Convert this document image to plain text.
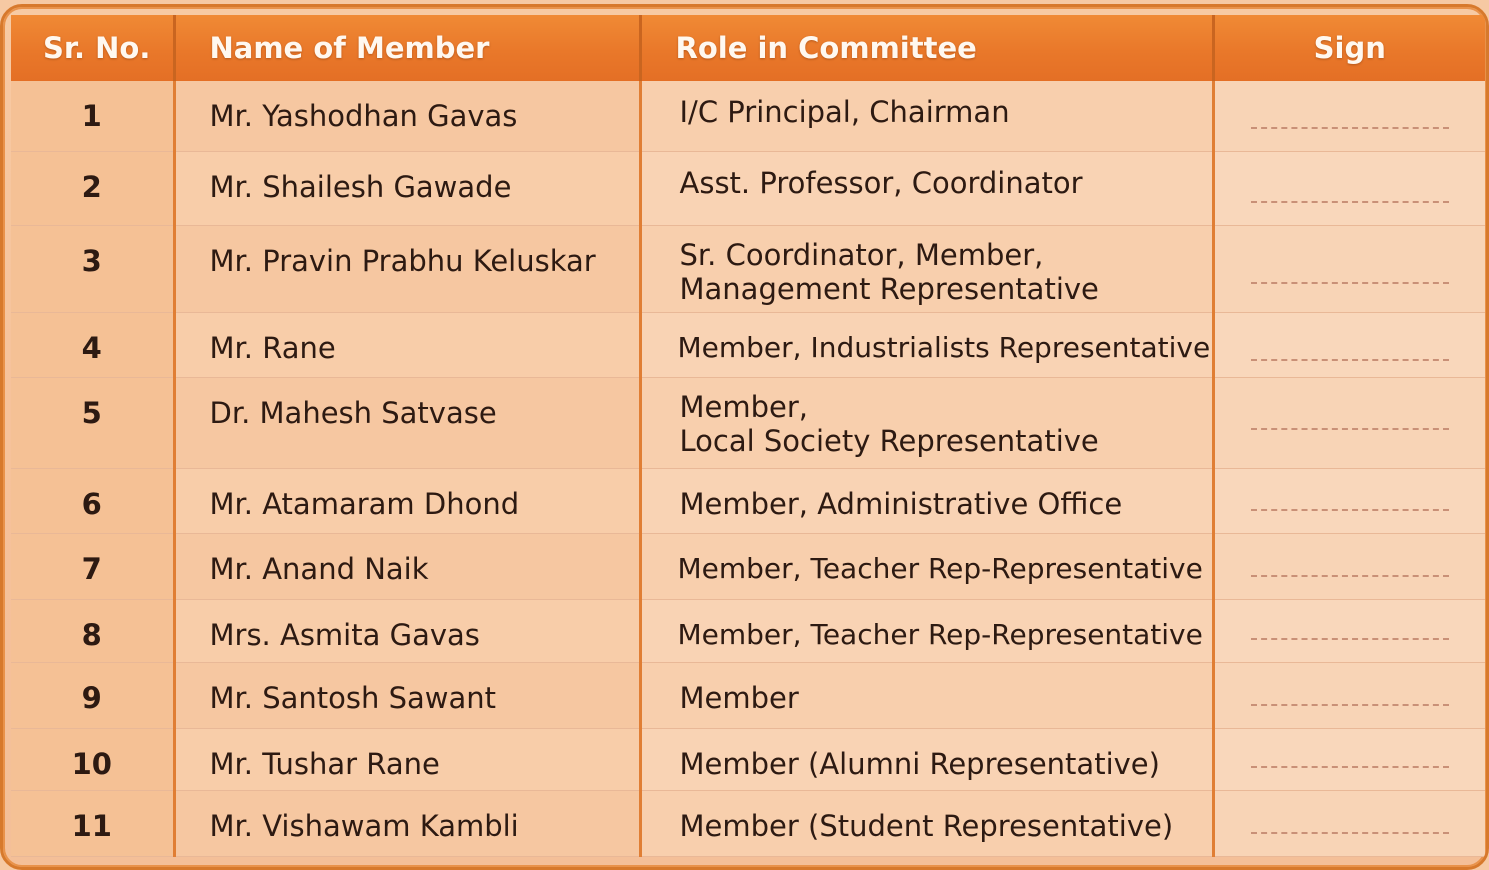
Sr. No.	Name of Member	Role in Committee	Sign
1	Mr. Yashodhan Gavas	I/C Principal, Chairman	

2	Mr. Shailesh Gawade	Asst. Professor, Coordinator	

3	Mr. Pravin Prabhu Keluskar	Sr. Coordinator, Member,
Management Representative	

4	Mr. Rane	Member, Industrialists Representative	

5	Dr. Mahesh Satvase	Member,
Local Society Representative	

6	Mr. Atamaram Dhond	Member, Administrative Office	

7	Mr. Anand Naik	Member, Teacher Rep-Representative	

8	Mrs. Asmita Gavas	Member, Teacher Rep-Representative	

9	Mr. Santosh Sawant	Member	

10	Mr. Tushar Rane	Member (Alumni Representative)	

11	Mr. Vishawam Kambli	Member (Student Representative)	
